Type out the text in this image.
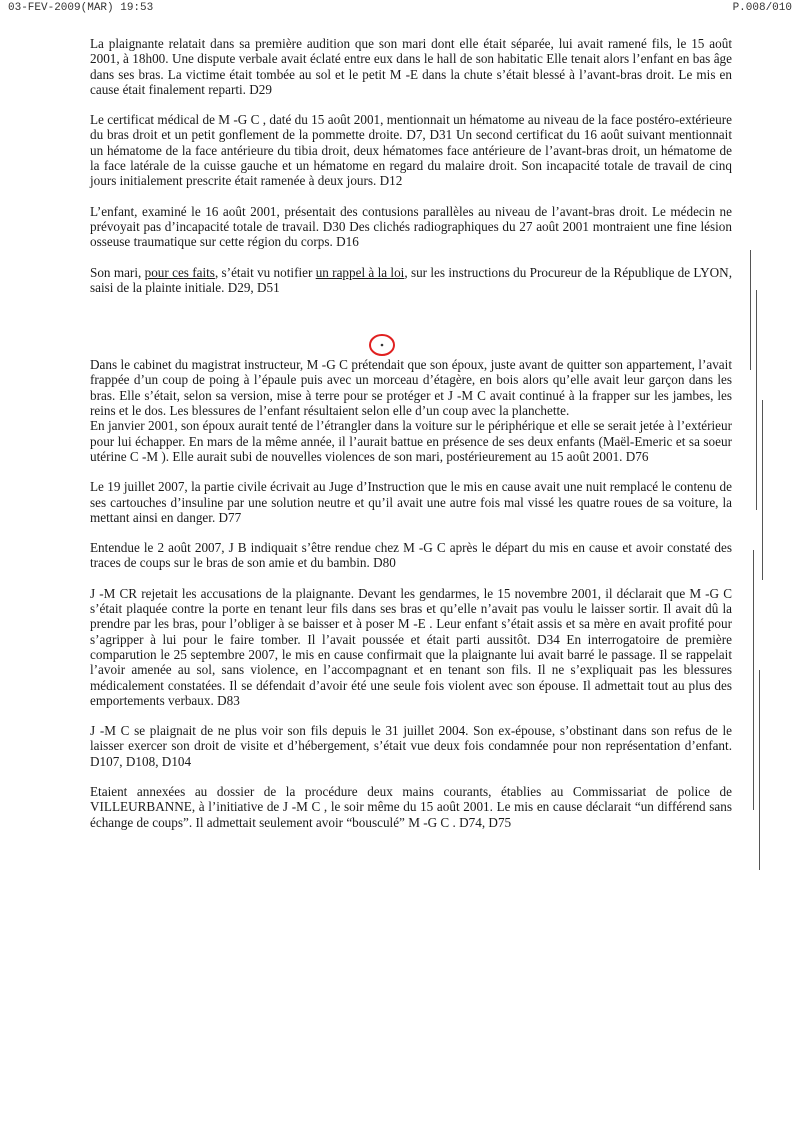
03-FEV-2009(MAR) 19:53	P.008/010

La plaignante relatait dans sa première audition que son mari dont elle était séparée, lui avait ramené fils, le 15 août 2001, à 18h00. Une dispute verbale avait éclaté entre eux dans le hall de son habitatic Elle tenait alors l’enfant en bas âge dans ses bras. La victime était tombée au sol et le petit M -E dans la chute s’était blessé à l’avant-bras droit. Le mis en cause était finalement reparti. D29

Le certificat médical de M -G C , daté du 15 août 2001, mentionnait un hématome au niveau de la face postéro-extérieure du bras droit et un petit gonflement de la pommette droite. D7, D31 Un second certificat du 16 août suivant mentionnait un hématome de la face antérieure du tibia droit, deux hématomes face antérieure de l’avant-bras droit, un hématome de la face latérale de la cuisse gauche et un hématome en regard du malaire droit. Son incapacité totale de travail de cinq jours initialement prescrite était ramenée à deux jours. D12

L’enfant, examiné le 16 août 2001, présentait des contusions parallèles au niveau de l’avant-bras droit. Le médecin ne prévoyait pas d’incapacité totale de travail. D30 Des clichés radiographiques du 27 août 2001 montraient une fine lésion osseuse traumatique sur cette région du corps. D16

Son mari, pour ces faits, s’était vu notifier un rappel à la loi, sur les instructions du Procureur de la République de LYON, saisi de la plainte initiale. D29, D51

Dans le cabinet du magistrat instructeur, M -G C prétendait que son époux, juste avant de quitter son appartement, l’avait frappée d’un coup de poing à l’épaule puis avec un morceau d’étagère, en bois alors qu’elle avait leur garçon dans les bras. Elle s’était, selon sa version, mise à terre pour se protéger et J -M C avait continué à la frapper sur les jambes, les reins et le dos. Les blessures de l’enfant résultaient selon elle d’un coup avec la planchette.

En janvier 2001, son époux aurait tenté de l’étrangler dans la voiture sur le périphérique et elle se serait jetée à l’extérieur pour lui échapper. En mars de la même année, il l’aurait battue en présence de ses deux enfants (Maël-Emeric et sa soeur utérine C -M ). Elle aurait subi de nouvelles violences de son mari, postérieurement au 15 août 2001. D76

Le 19 juillet 2007, la partie civile écrivait au Juge d’Instruction que le mis en cause avait une nuit remplacé le contenu de ses cartouches d’insuline par une solution neutre et qu’il avait une autre fois mal vissé les quatre roues de sa voiture, la mettant ainsi en danger. D77

Entendue le 2 août 2007, J B indiquait s’être rendue chez M -G C après le départ du mis en cause et avoir constaté des traces de coups sur le bras de son amie et du bambin. D80

J -M CR rejetait les accusations de la plaignante. Devant les gendarmes, le 15 novembre 2001, il déclarait que M -G C s’était plaquée contre la porte en tenant leur fils dans ses bras et qu’elle n’avait pas voulu le laisser sortir. Il avait dû la prendre par les bras, pour l’obliger à se baisser et à poser M -E . Leur enfant s’était assis et sa mère en avait profité pour s’agripper à lui pour le faire tomber. Il l’avait poussée et était parti aussitôt. D34 En interrogatoire de première comparution le 25 septembre 2007, le mis en cause confirmait que la plaignante lui avait barré le passage. Il se rappelait l’avoir amenée au sol, sans violence, en l’accompagnant et en tenant son fils. Il ne s’expliquait pas les blessures médicalement constatées. Il se défendait d’avoir été une seule fois violent avec son épouse. Il admettait tout au plus des emportements verbaux. D83

J -M C se plaignait de ne plus voir son fils depuis le 31 juillet 2004. Son ex-épouse, s’obstinant dans son refus de le laisser exercer son droit de visite et d’hébergement, s’était vue deux fois condamnée pour non représentation d’enfant. D107, D108, D104

Etaient annexées au dossier de la procédure deux mains courants, établies au Commissariat de police de VILLEURBANNE, à l’initiative de J -M C , le soir même du 15 août 2001. Le mis en cause déclarait “un différend sans échange de coups”. Il admettait seulement avoir “bousculé” M -G C . D74, D75
